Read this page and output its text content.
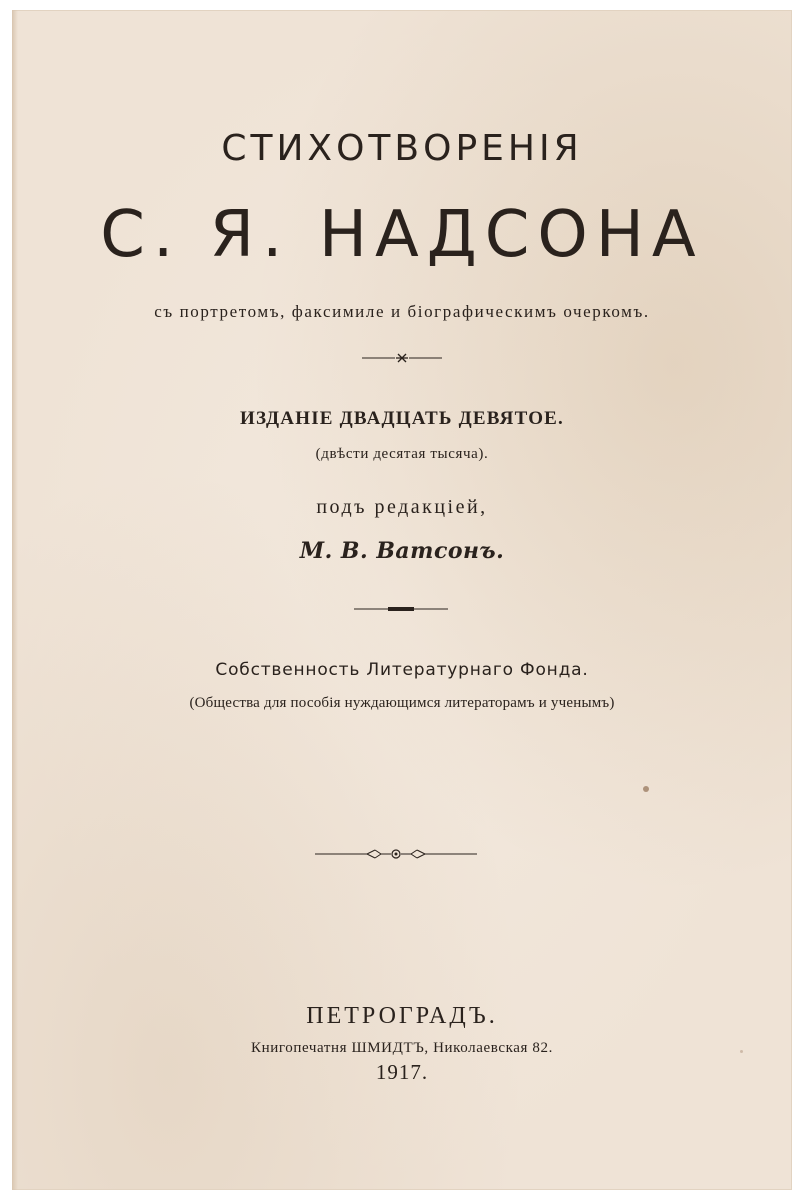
СТИХОТВОРЕНІЯ
С. Я. НАДСОНА
съ портретомъ, факсимиле и біографическимъ очеркомъ.
ИЗДАНІЕ ДВАДЦАТЬ ДЕВЯТОЕ.
(двѣсти десятая тысяча).
подъ редакціей,
М. В. Ватсонъ.
Собственность Литературнаго Фонда.
(Общества для пособія нуждающимся литераторамъ и ученымъ)
ПЕТРОГРАДЪ.
Книгопечатня ШМИДТЪ, Николаевская 82.
1917.
